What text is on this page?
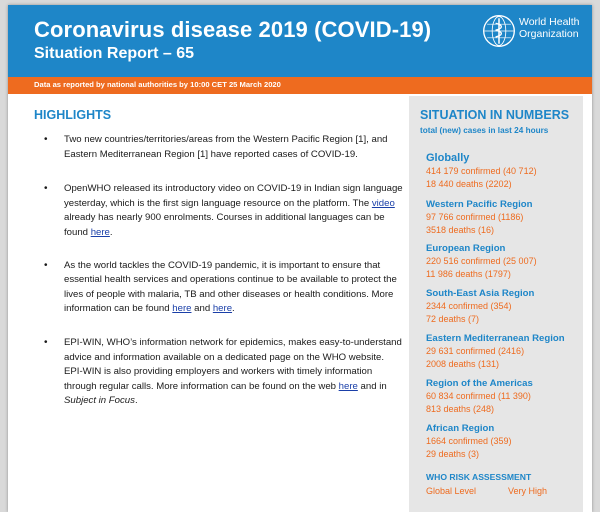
Coronavirus disease 2019 (COVID-19)
Situation Report – 65
World Health
Organization
Data as reported by national authorities by 10:00 CET 25 March 2020
HIGHLIGHTS
• Two new countries/territories/areas from the Western Pacific Region [1], and Eastern Mediterranean Region [1] have reported cases of COVID-19.
• OpenWHO released its introductory video on COVID-19 in Indian sign language yesterday, which is the first sign language resource on the platform. The video already has nearly 900 enrolments. Courses in additional languages can be found here.
• As the world tackles the COVID-19 pandemic, it is important to ensure that essential health services and operations continue to be available to protect the lives of people with malaria, TB and other diseases or health conditions. More information can be found here and here.
• EPI-WIN, WHO’s information network for epidemics, makes easy-to-understand advice and information available on a dedicated page on the WHO website. EPI-WIN is also providing employers and workers with timely information through regular calls. More information can be found on the web here and in Subject in Focus.
SITUATION IN NUMBERS
total (new) cases in last 24 hours
Globally
414 179 confirmed (40 712)
18 440 deaths (2202)
Western Pacific Region
97 766 confirmed (1186)
3518 deaths (16)
European Region
220 516 confirmed (25 007)
11 986 deaths (1797)
South-East Asia Region
2344 confirmed (354)
72 deaths (7)
Eastern Mediterranean Region
29 631 confirmed (2416)
2008 deaths (131)
Region of the Americas
60 834 confirmed (11 390)
813 deaths (248)
African Region
1664 confirmed (359)
29 deaths (3)
WHO RISK ASSESSMENT
Global Level	Very High
